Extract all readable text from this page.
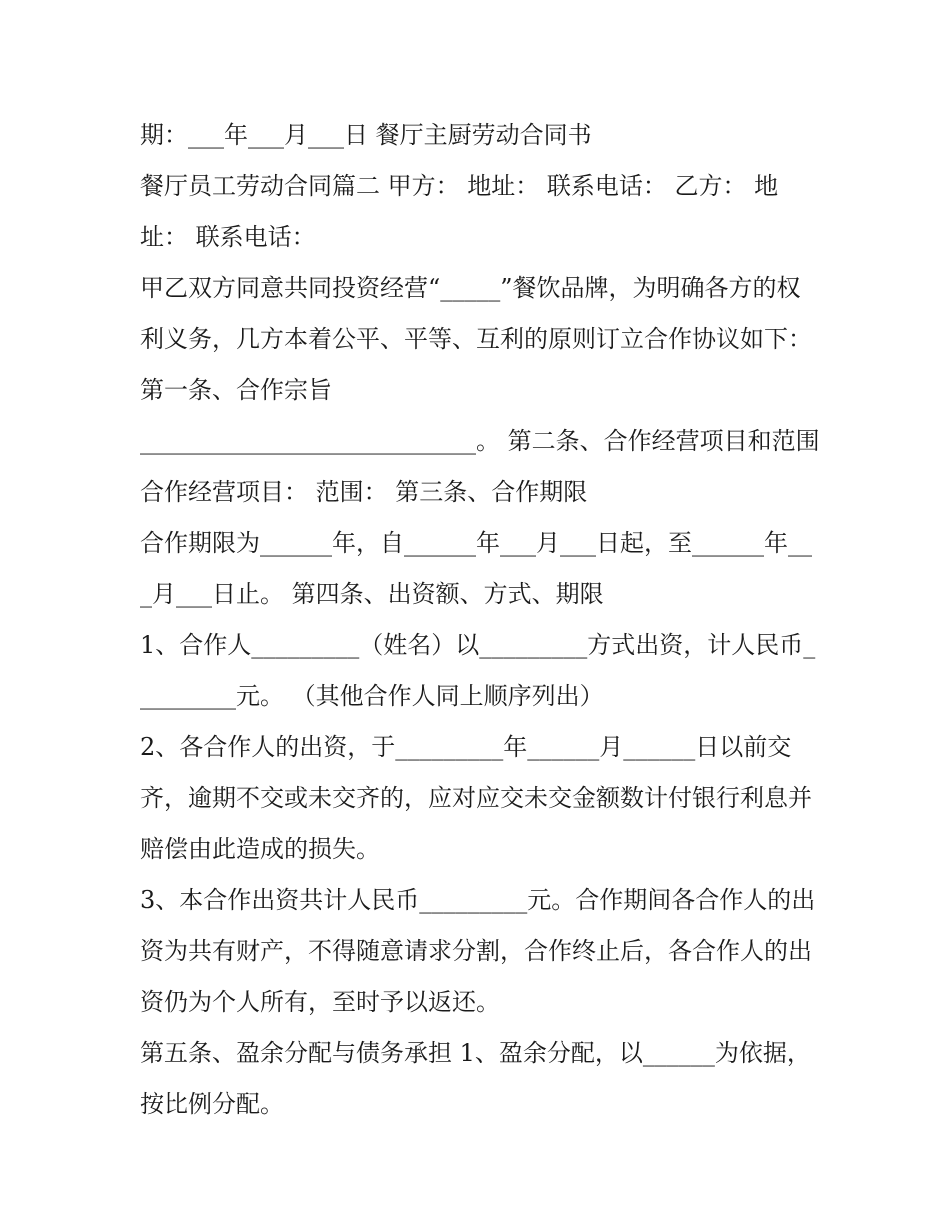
期：___年___月___日 餐厅主厨劳动合同书

餐厅员工劳动合同篇二 甲方： 地址： 联系电话： 乙方： 地址： 联系电话：

甲乙双方同意共同投资经营“_____”餐饮品牌，为明确各方的权利义务，几方本着公平、平等、互利的原则订立合作协议如下： 第一条、合作宗旨

____________________________。 第二条、合作经营项目和范围 合作经营项目： 范围： 第三条、合作期限

合作期限为______年，自______年___月___日起，至______年___月___日止。 第四条、出资额、方式、期限

1、合作人_________（姓名）以_________方式出资，计人民币_________元。 （其他合作人同上顺序列出）

2、各合作人的出资，于_________年______月______日以前交齐，逾期不交或未交齐的，应对应交未交金额数计付银行利息并赔偿由此造成的损失。

3、本合作出资共计人民币_________元。合作期间各合作人的出资为共有财产，不得随意请求分割，合作终止后，各合作人的出资仍为个人所有，至时予以返还。

第五条、盈余分配与债务承担 1、盈余分配，以______为依据，按比例分配。
